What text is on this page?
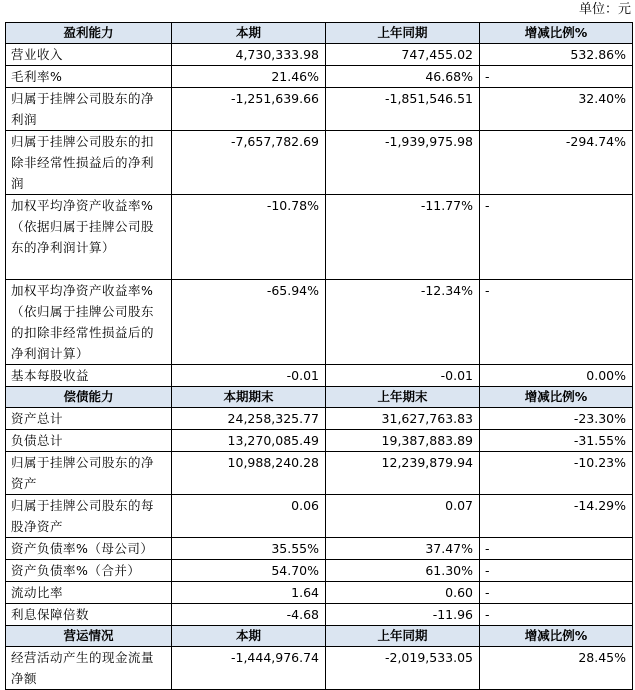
单位：元
盈利能力	本期	上年同期	增减比例%
营业收入	4,730,333.98	747,455.02	532.86%
毛利率%	21.46%	46.68%	-
归属于挂牌公司股东的净利润	-1,251,639.66	-1,851,546.51	32.40%
归属于挂牌公司股东的扣除非经常性损益后的净利润	-7,657,782.69	-1,939,975.98	-294.74%
加权平均净资产收益率%（依据归属于挂牌公司股东的净利润计算）	-10.78%	-11.77%	-
加权平均净资产收益率%（依归属于挂牌公司股东的扣除非经常性损益后的净利润计算）	-65.94%	-12.34%	-
基本每股收益	-0.01	-0.01	0.00%
偿债能力	本期期末	上年期末	增减比例%
资产总计	24,258,325.77	31,627,763.83	-23.30%
负债总计	13,270,085.49	19,387,883.89	-31.55%
归属于挂牌公司股东的净资产	10,988,240.28	12,239,879.94	-10.23%
归属于挂牌公司股东的每股净资产	0.06	0.07	-14.29%
资产负债率%（母公司）	35.55%	37.47%	-
资产负债率%（合并）	54.70%	61.30%	-
流动比率	1.64	0.60	-
利息保障倍数	-4.68	-11.96	-
营运情况	本期	上年同期	增减比例%
经营活动产生的现金流量净额	-1,444,976.74	-2,019,533.05	28.45%
